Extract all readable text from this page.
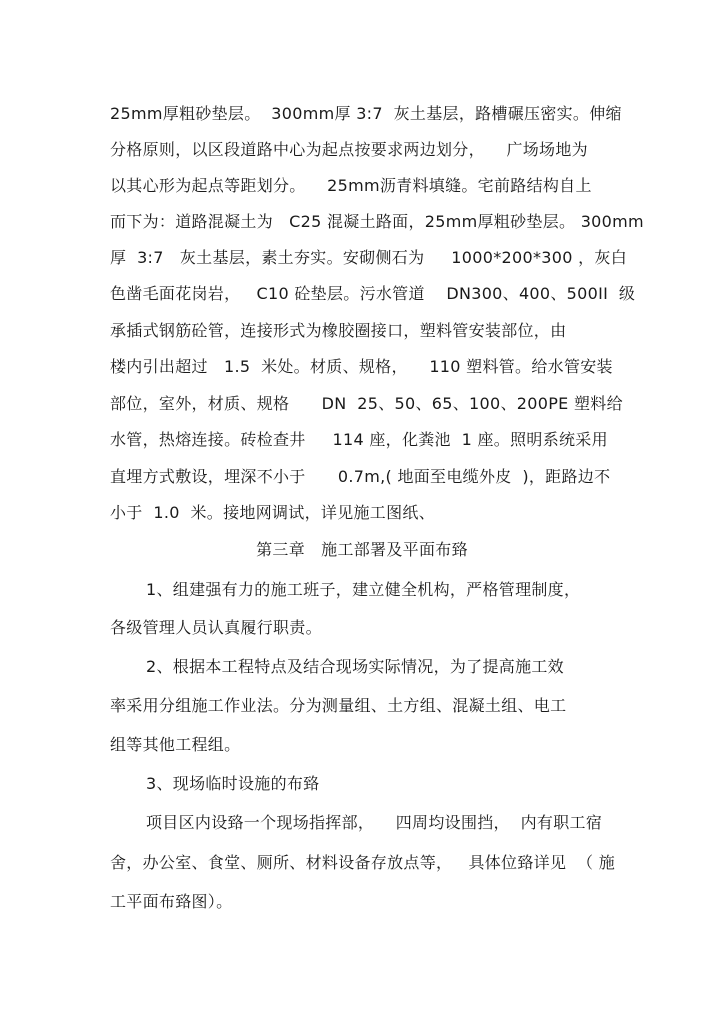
25mm厚粗砂垫层。  300mm厚 3:7  灰土基层，路槽碾压密实。伸缩
分格原则，以区段道路中心为起点按要求两边划分，    广场场地为
以其心形为起点等距划分。    25mm沥青料填缝。宅前路结构自上
而下为：道路混凝土为   C25 混凝土路面，25mm厚粗砂垫层。 300mm
厚  3:7   灰土基层，素土夯实。安砌侧石为     1000*200*300 ，灰白
色凿毛面花岗岩，   C10 砼垫层。污水管道    DN300、400、500II  级
承插式钢筋砼管，连接形式为橡胶圈接口，塑料管安装部位，由
楼内引出超过   1.5  米处。材质、规格，    110 塑料管。给水管安装
部位，室外，材质、规格      DN  25、50、65、100、200PE 塑料给
水管，热熔连接。砖检查井     114 座，化粪池  1 座。照明系统采用
直埋方式敷设，埋深不小于      0.7m,( 地面至电缆外皮  )，距路边不
小于  1.0  米。接地网调试，详见施工图纸、
第三章   施工部署及平面布臵
1、组建强有力的施工班子，建立健全机构，严格管理制度，
各级管理人员认真履行职责。
2、根据本工程特点及结合现场实际情况，为了提高施工效
率采用分组施工作业法。分为测量组、土方组、混凝土组、电工
组等其他工程组。
3、现场临时设施的布臵
项目区内设臵一个现场指挥部，    四周均设围挡，  内有职工宿
舍，办公室、食堂、厕所、材料设备存放点等，   具体位臵详见  （ 施
工平面布臵图）。
